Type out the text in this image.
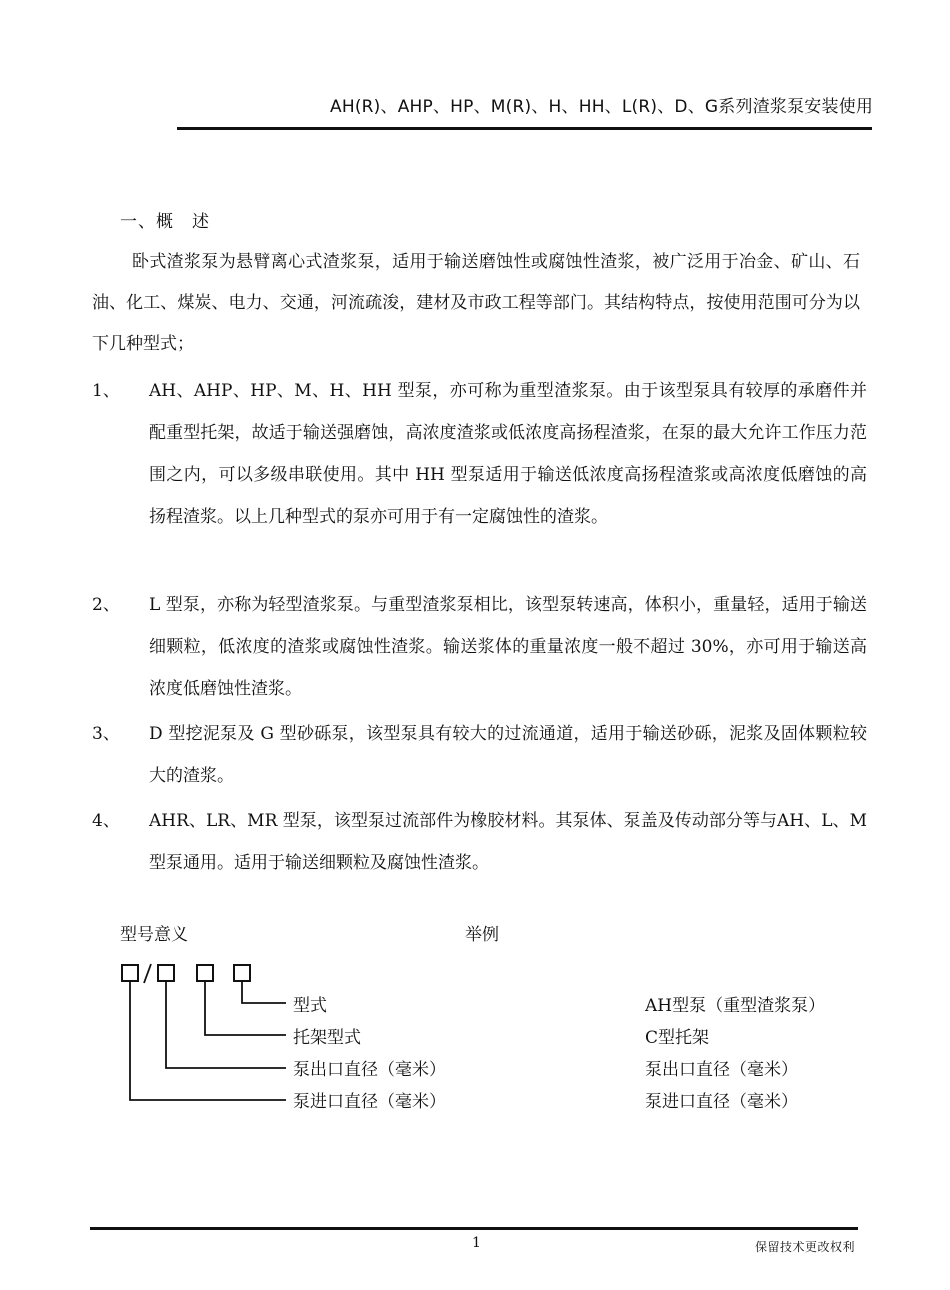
AH(R)、AHP、HP、M(R)、H、HH、L(R)、D、G系列渣浆泵安装使用
一、概　述
卧式渣浆泵为悬臂离心式渣浆泵，适用于输送磨蚀性或腐蚀性渣浆，被广泛用于冶金、矿山、石油、化工、煤炭、电力、交通，河流疏浚，建材及市政工程等部门。其结构特点，按使用范围可分为以下几种型式；
1、 AH、AHP、HP、M、H、HH 型泵，亦可称为重型渣浆泵。由于该型泵具有较厚的承磨件并配重型托架，故适于输送强磨蚀，高浓度渣浆或低浓度高扬程渣浆，在泵的最大允许工作压力范围之内，可以多级串联使用。其中 HH 型泵适用于输送低浓度高扬程渣浆或高浓度低磨蚀的高扬程渣浆。以上几种型式的泵亦可用于有一定腐蚀性的渣浆。
2、 L 型泵，亦称为轻型渣浆泵。与重型渣浆泵相比，该型泵转速高，体积小，重量轻，适用于输送细颗粒，低浓度的渣浆或腐蚀性渣浆。输送浆体的重量浓度一般不超过 30%，亦可用于输送高浓度低磨蚀性渣浆。
3、 D 型挖泥泵及 G 型砂砾泵，该型泵具有较大的过流通道，适用于输送砂砾，泥浆及固体颗粒较大的渣浆。
4、 AHR、LR、MR 型泵，该型泵过流部件为橡胶材料。其泵体、泵盖及传动部分等与AH、L、M 型泵通用。适用于输送细颗粒及腐蚀性渣浆。
型号意义	举例
型式
托架型式
泵出口直径（毫米）
泵进口直径（毫米）
AH型泵（重型渣浆泵）
C型托架
泵出口直径（毫米）
泵进口直径（毫米）
1	保留技术更改权利
